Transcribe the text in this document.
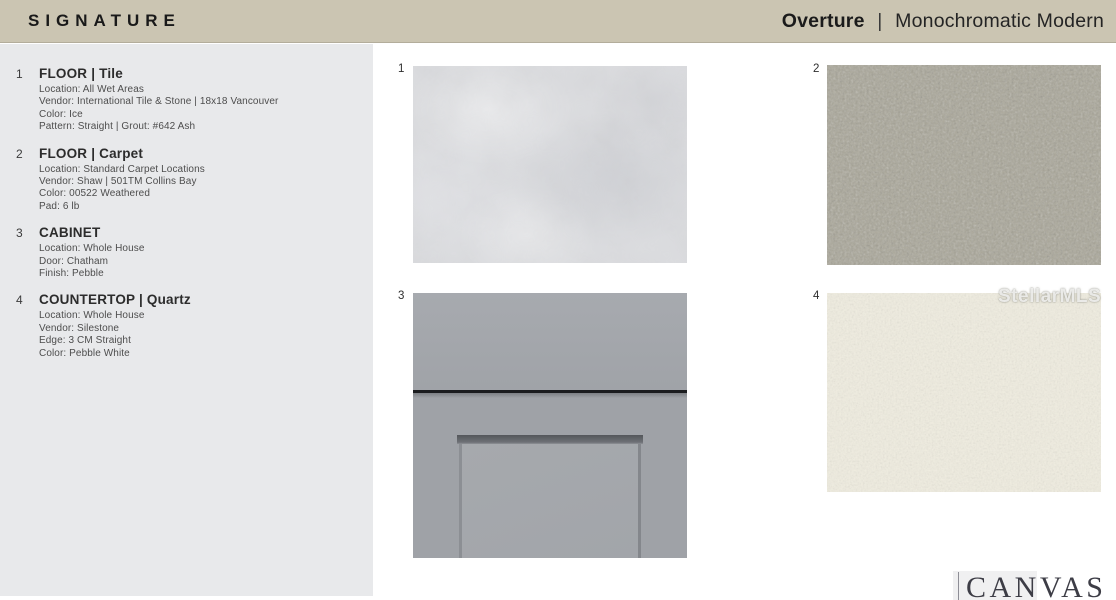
SIGNATURE	Overture | Monochromatic Modern
1	FLOOR | Tile
Location: All Wet Areas
Vendor: International Tile & Stone | 18x18 Vancouver
Color: Ice
Pattern: Straight | Grout: #642 Ash
2	FLOOR | Carpet
Location: Standard Carpet Locations
Vendor: Shaw | 501TM Collins Bay
Color: 00522 Weathered
Pad: 6 lb
3	CABINET
Location: Whole House
Door: Chatham
Finish: Pebble
4	COUNTERTOP | Quartz
Location: Whole House
Vendor: Silestone
Edge: 3 CM Straight
Color: Pebble White
1	2
3	4	StellarMLS
CANVAS
